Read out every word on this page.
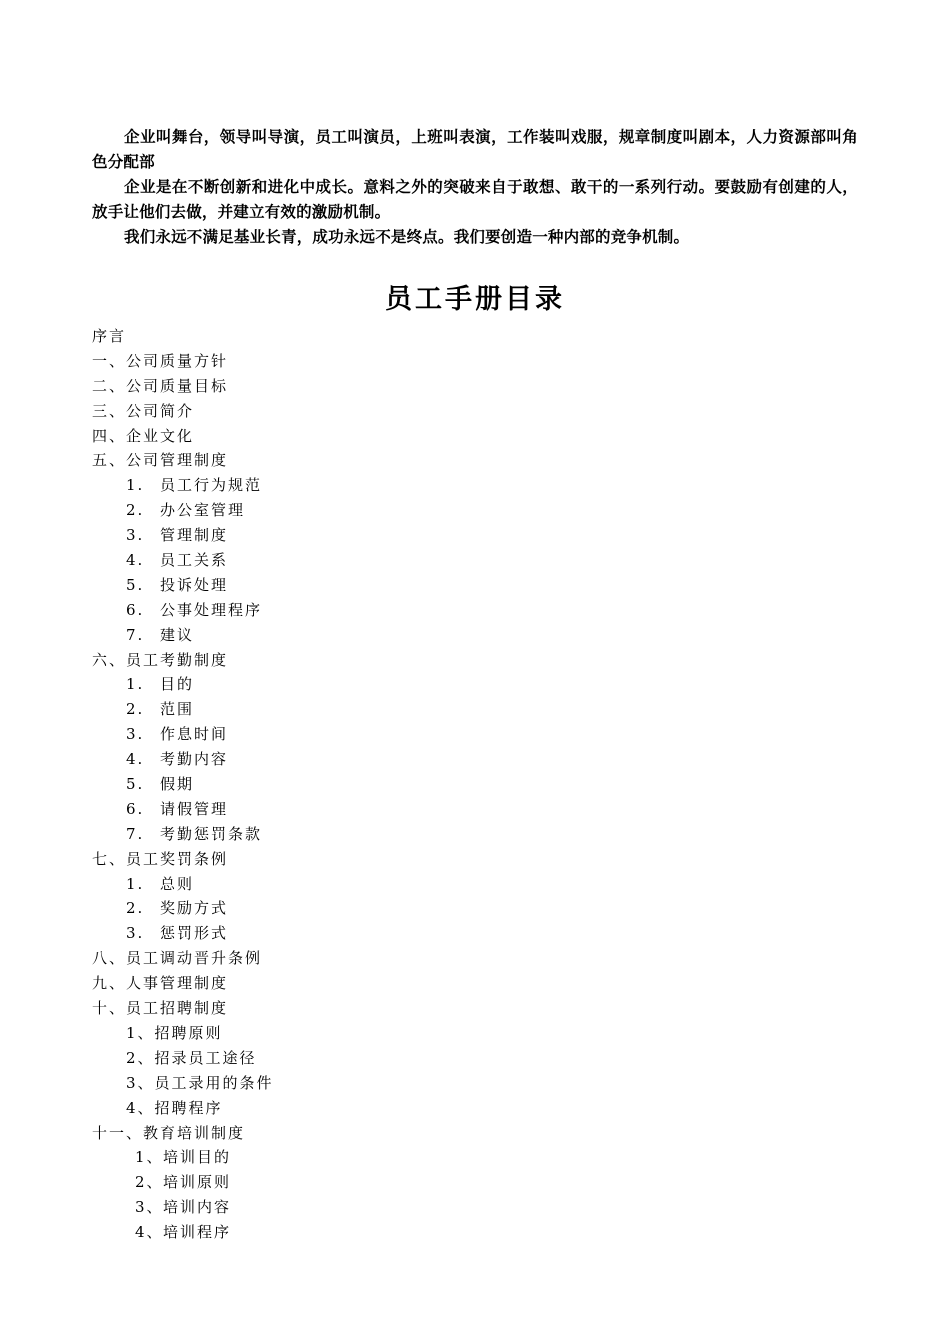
企业叫舞台，领导叫导演，员工叫演员，上班叫表演，工作装叫戏服，规章制度叫剧本，人力资源部叫角色分配部

企业是在不断创新和进化中成长。意料之外的突破来自于敢想、敢干的一系列行动。要鼓励有创建的人，放手让他们去做，并建立有效的激励机制。

我们永远不满足基业长青，成功永远不是终点。我们要创造一种内部的竞争机制。

员工手册目录
序言
一、公司质量方针
二、公司质量目标
三、公司简介
四、企业文化
五、公司管理制度
1. 员工行为规范
2. 办公室管理
3. 管理制度
4. 员工关系
5. 投诉处理
6. 公事处理程序
7. 建议
六、员工考勤制度
1. 目的
2. 范围
3. 作息时间
4. 考勤内容
5. 假期
6. 请假管理
7. 考勤惩罚条款
七、员工奖罚条例
1. 总则
2. 奖励方式
3. 惩罚形式
八、员工调动晋升条例
九、人事管理制度
十、员工招聘制度
1、招聘原则
2、招录员工途径
3、员工录用的条件
4、招聘程序
十一、教育培训制度
1、培训目的
2、培训原则
3、培训内容
4、培训程序
